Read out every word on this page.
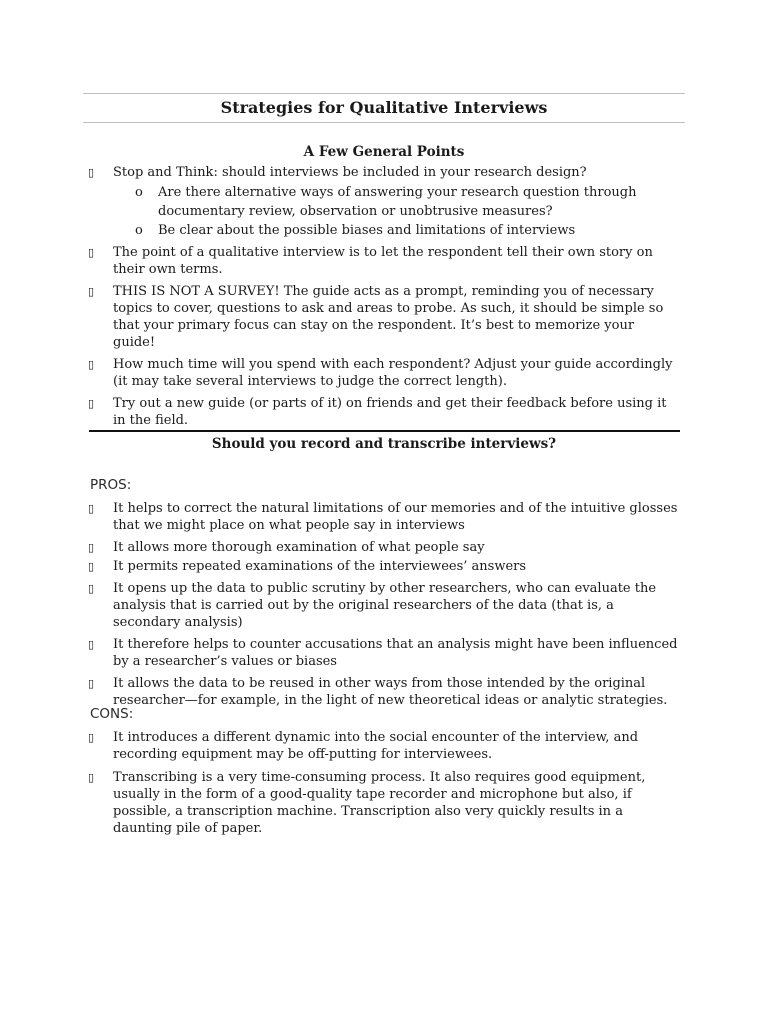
Strategies for Qualitative Interviews
A Few General Points
▯	Stop and Think: should interviews be included in your research design?
o Are there alternative ways of answering your research question through documentary review, observation or unobtrusive measures?
o Be clear about the possible biases and limitations of interviews
▯	The point of a qualitative interview is to let the respondent tell their own story on their own terms.
▯	THIS IS NOT A SURVEY! The guide acts as a prompt, reminding you of necessary topics to cover, questions to ask and areas to probe. As such, it should be simple so that your primary focus can stay on the respondent. It’s best to memorize your guide!
▯	How much time will you spend with each respondent? Adjust your guide accordingly (it may take several interviews to judge the correct length).
▯	Try out a new guide (or parts of it) on friends and get their feedback before using it in the field.
Should you record and transcribe interviews?
PROS:
▯	It helps to correct the natural limitations of our memories and of the intuitive glosses that we might place on what people say in interviews
▯	It allows more thorough examination of what people say
▯	It permits repeated examinations of the interviewees’ answers
▯	It opens up the data to public scrutiny by other researchers, who can evaluate the analysis that is carried out by the original researchers of the data (that is, a secondary analysis)
▯	It therefore helps to counter accusations that an analysis might have been influenced by a researcher’s values or biases
▯	It allows the data to be reused in other ways from those intended by the original researcher—for example, in the light of new theoretical ideas or analytic strategies.
CONS:
▯	It introduces a different dynamic into the social encounter of the interview, and recording equipment may be off-putting for interviewees.
▯	Transcribing is a very time-consuming process. It also requires good equipment, usually in the form of a good-quality tape recorder and microphone but also, if possible, a transcription machine. Transcription also very quickly results in a daunting pile of paper.
